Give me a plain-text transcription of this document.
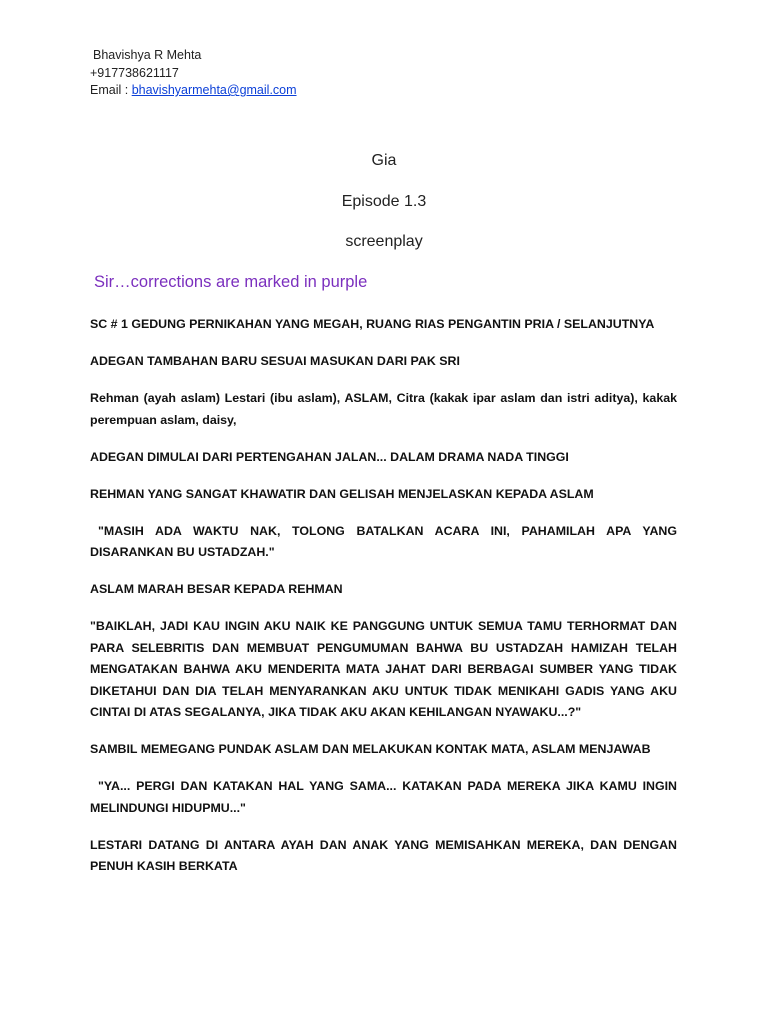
Bhavishya R Mehta
+917738621117
Email : bhavishyarmehta@gmail.com
Gia
Episode 1.3
screenplay
Sir…corrections are marked in purple

SC # 1 GEDUNG PERNIKAHAN YANG MEGAH, RUANG RIAS PENGANTIN PRIA / SELANJUTNYA

ADEGAN TAMBAHAN BARU SESUAI MASUKAN DARI PAK SRI

Rehman (ayah aslam) Lestari (ibu aslam), ASLAM, Citra (kakak ipar aslam dan istri aditya), kakak perempuan aslam, daisy,

ADEGAN DIMULAI DARI PERTENGAHAN JALAN... DALAM DRAMA NADA TINGGI

REHMAN YANG SANGAT KHAWATIR DAN GELISAH MENJELASKAN KEPADA ASLAM

"MASIH ADA WAKTU NAK, TOLONG BATALKAN ACARA INI, PAHAMILAH APA YANG DISARANKAN BU USTADZAH."

ASLAM MARAH BESAR KEPADA REHMAN

"BAIKLAH, JADI KAU INGIN AKU NAIK KE PANGGUNG UNTUK SEMUA TAMU TERHORMAT DAN PARA SELEBRITIS DAN MEMBUAT PENGUMUMAN BAHWA BU USTADZAH HAMIZAH TELAH MENGATAKAN BAHWA AKU MENDERITA MATA JAHAT DARI BERBAGAI SUMBER YANG TIDAK DIKETAHUI DAN DIA TELAH MENYARANKAN AKU UNTUK TIDAK MENIKAHI GADIS YANG AKU CINTAI DI ATAS SEGALANYA, JIKA TIDAK AKU AKAN KEHILANGAN NYAWAKU...?"

SAMBIL MEMEGANG PUNDAK ASLAM DAN MELAKUKAN KONTAK MATA, ASLAM MENJAWAB

"YA... PERGI DAN KATAKAN HAL YANG SAMA... KATAKAN PADA MEREKA JIKA KAMU INGIN MELINDUNGI HIDUPMU..."

LESTARI DATANG DI ANTARA AYAH DAN ANAK YANG MEMISAHKAN MEREKA, DAN DENGAN PENUH KASIH BERKATA
